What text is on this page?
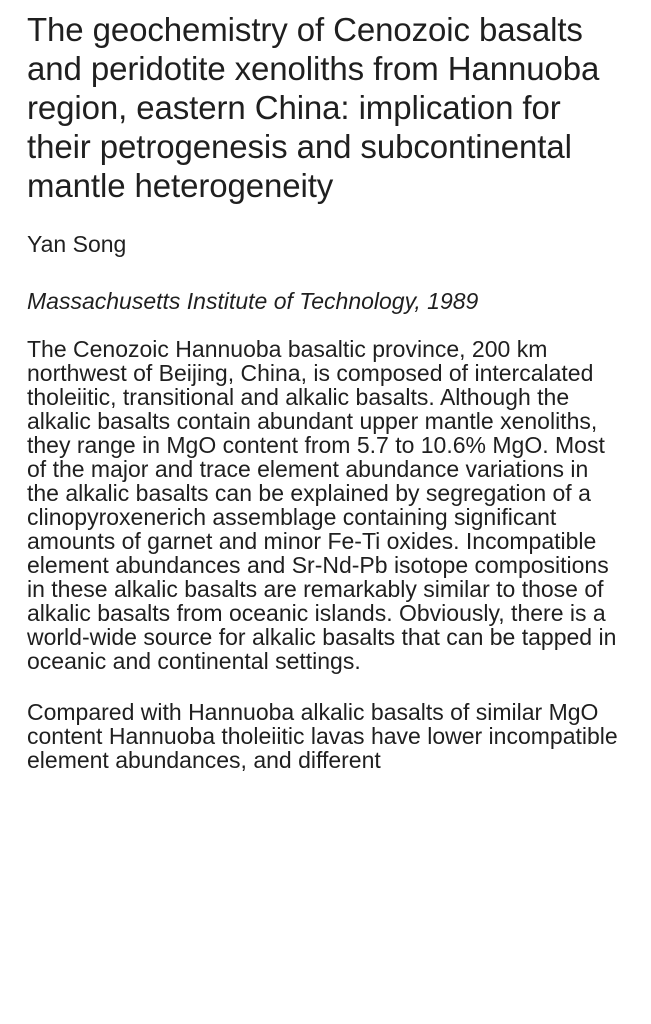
The geochemistry of Cenozoic basalts and peridotite xenoliths from Hannuoba region, eastern China: implication for their petrogenesis and subcontinental mantle heterogeneity
Yan Song
Massachusetts Institute of Technology, 1989

The Cenozoic Hannuoba basaltic province, 200 km northwest of Beijing, China, is composed of intercalated tholeiitic, transitional and alkalic basalts. Although the alkalic basalts contain abundant upper mantle xenoliths, they range in MgO content from 5.7 to 10.6% MgO. Most of the major and trace element abundance variations in the alkalic basalts can be explained by segregation of a clinopyroxenerich assemblage containing significant amounts of garnet and minor Fe-Ti oxides. Incompatible element abundances and Sr-Nd-Pb isotope compositions in these alkalic basalts are remarkably similar to those of alkalic basalts from oceanic islands. Obviously, there is a world-wide source for alkalic basalts that can be tapped in oceanic and continental settings.

Compared with Hannuoba alkalic basalts of similar MgO content Hannuoba tholeiitic lavas have lower incompatible element abundances, and different
